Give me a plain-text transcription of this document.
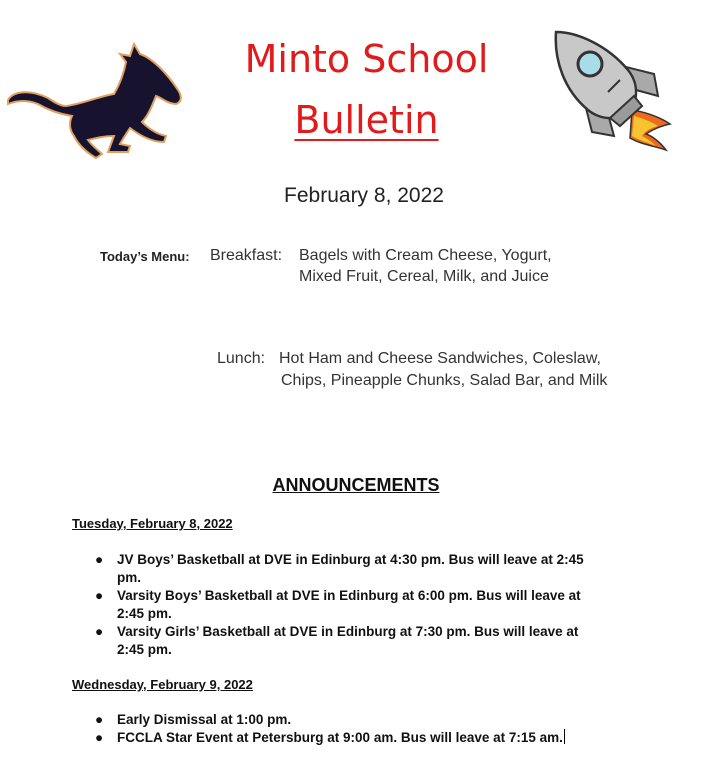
Minto School
Bulletin
February 8, 2022
Today’s Menu: Breakfast: Bagels with Cream Cheese, Yogurt,
Mixed Fruit, Cereal, Milk, and Juice
Lunch: Hot Ham and Cheese Sandwiches, Coleslaw,
Chips, Pineapple Chunks, Salad Bar, and Milk
ANNOUNCEMENTS
Tuesday, February 8, 2022
● JV Boys’ Basketball at DVE in Edinburg at 4:30 pm. Bus will leave at 2:45
pm.
● Varsity Boys’ Basketball at DVE in Edinburg at 6:00 pm. Bus will leave at
2:45 pm.
● Varsity Girls’ Basketball at DVE in Edinburg at 7:30 pm. Bus will leave at
2:45 pm.
Wednesday, February 9, 2022
● Early Dismissal at 1:00 pm.
● FCCLA Star Event at Petersburg at 9:00 am. Bus will leave at 7:15 am.
